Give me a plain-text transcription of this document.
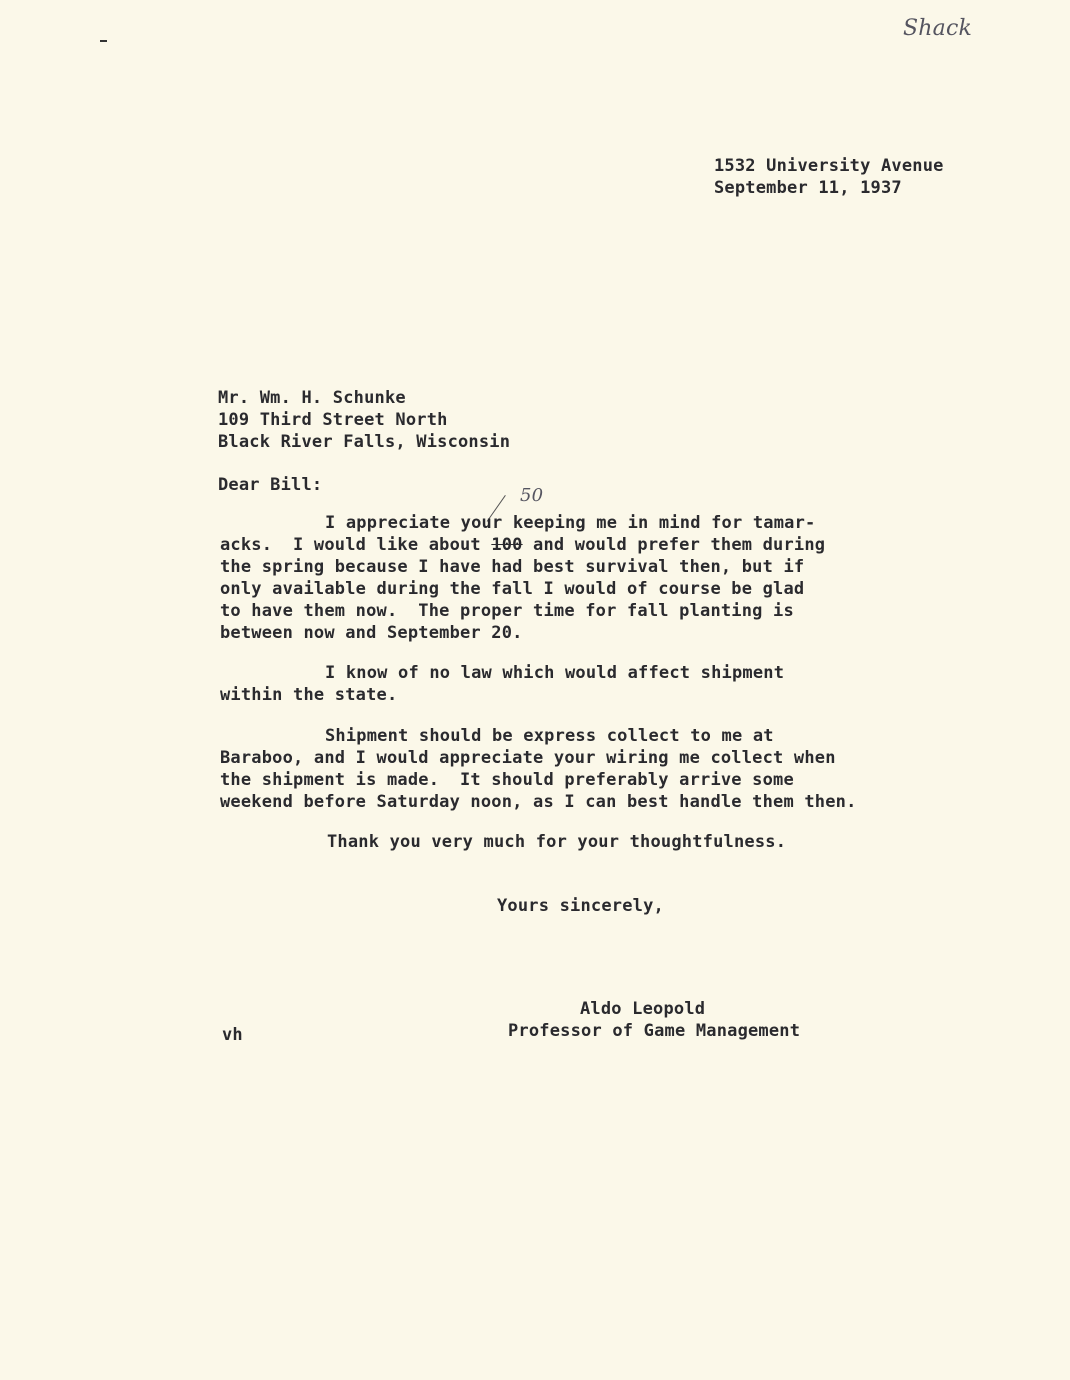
Shack
1532 University Avenue
September 11, 1937
Mr. Wm. H. Schunke
109 Third Street North
Black River Falls, Wisconsin
Dear Bill:	50
I appreciate your keeping me in mind for tamar-
acks.  I would like about 100 and would prefer them during
the spring because I have had best survival then, but if
only available during the fall I would of course be glad
to have them now.  The proper time for fall planting is
between now and September 20.
I know of no law which would affect shipment
within the state.
Shipment should be express collect to me at
Baraboo, and I would appreciate your wiring me collect when
the shipment is made.  It should preferably arrive some
weekend before Saturday noon, as I can best handle them then.
Thank you very much for your thoughtfulness.
Yours sincerely,
Aldo Leopold
Professor of Game Management
vh
